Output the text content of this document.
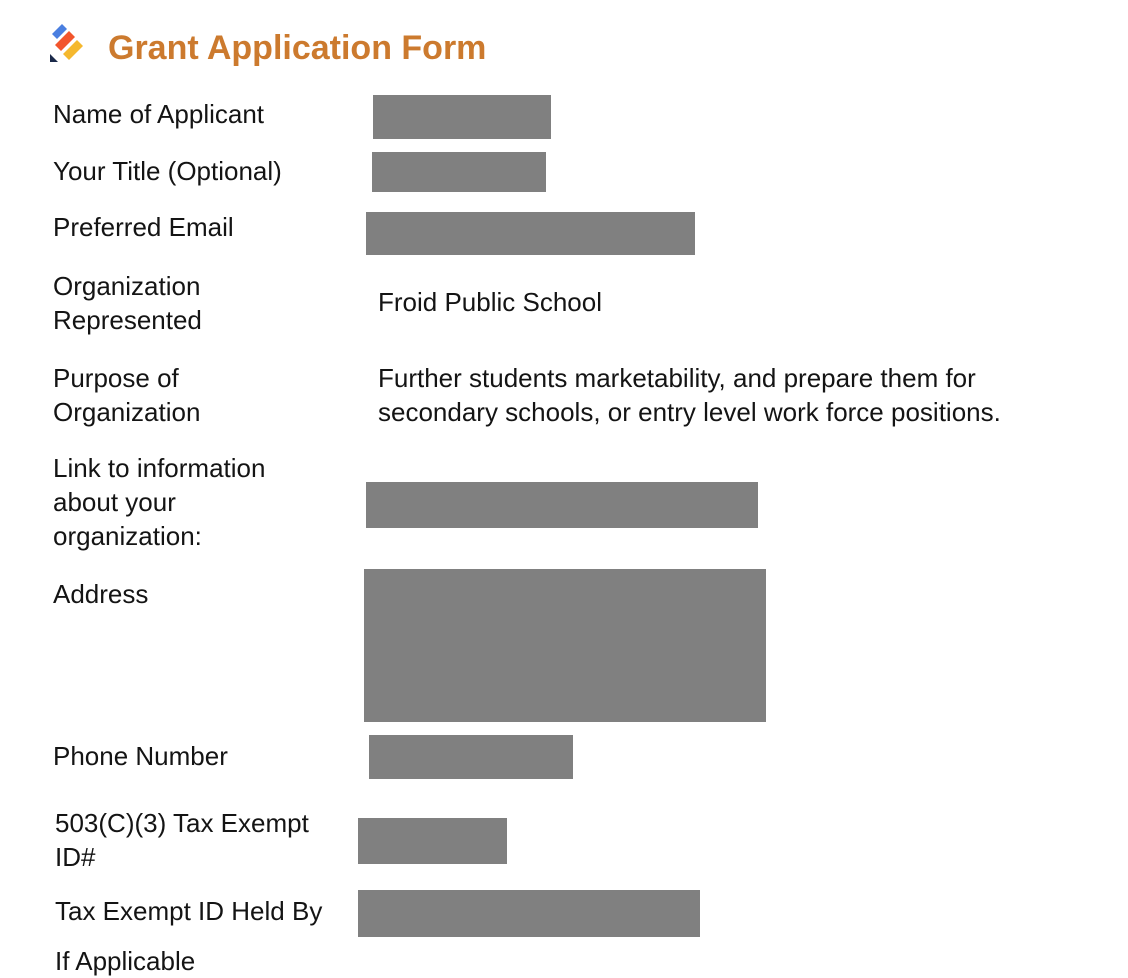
Grant Application Form
Name of Applicant
Your Title (Optional)
Preferred Email
Organization
Represented
Froid Public School
Purpose of
Organization
Further students marketability, and prepare them for
secondary schools, or entry level work force positions.
Link to information
about your
organization:
Address
Phone Number
503(C)(3) Tax Exempt
ID#
Tax Exempt ID Held By
If Applicable
